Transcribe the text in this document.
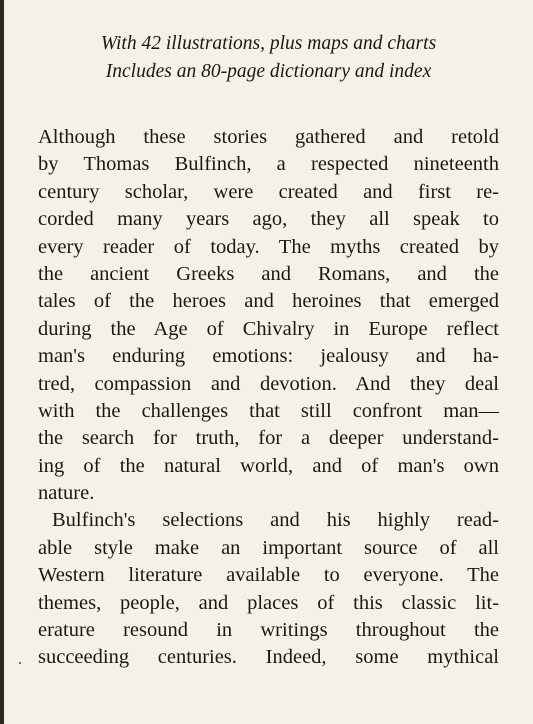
With 42 illustrations, plus maps and charts
Includes an 80-page dictionary and index
Although these stories gathered and retold
by Thomas Bulfinch, a respected nineteenth
century scholar, were created and first re-
corded many years ago, they all speak to
every reader of today. The myths created by
the ancient Greeks and Romans, and the
tales of the heroes and heroines that emerged
during the Age of Chivalry in Europe reflect
man's enduring emotions: jealousy and ha-
tred, compassion and devotion. And they deal
with the challenges that still confront man—
the search for truth, for a deeper understand-
ing of the natural world, and of man's own
nature.
Bulfinch's selections and his highly read-
able style make an important source of all
Western literature available to everyone. The
themes, people, and places of this classic lit-
erature resound in writings throughout the
succeeding centuries. Indeed, some mythical
